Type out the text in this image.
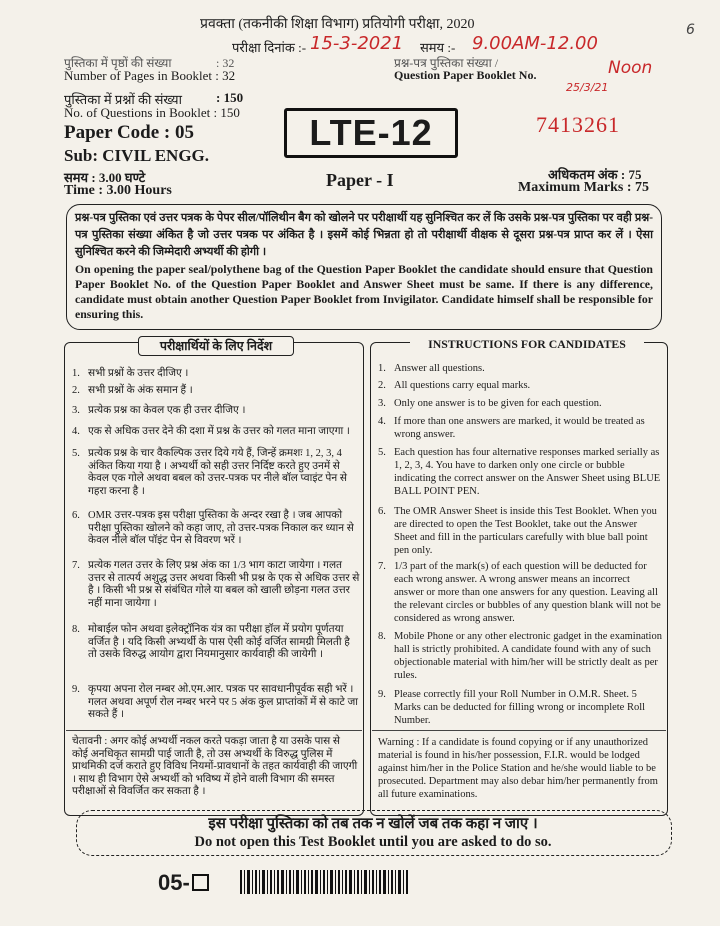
6
प्रवक्ता (तकनीकी शिक्षा विभाग) प्रतियोगी परीक्षा, 2020
परीक्षा दिनांक :- 15-3-2021 समय :- 9.00AM-12.00
Noon
25/3/21
पुस्तिका में पृष्ठों की संख्या	: 32
Number of Pages in Booklet : 32
पुस्तिका में प्रश्नों की संख्या	: 150
No. of Questions in Booklet : 150
Paper Code : 05
Sub: CIVIL ENGG.
समय : 3.00 घण्टे
Time : 3.00 Hours
LTE-12
Paper - I
प्रश्न-पत्र पुस्तिका संख्या /
Question Paper Booklet No.
7413261
अधिकतम अंक : 75
Maximum Marks : 75
प्रश्न-पत्र पुस्तिका एवं उत्तर पत्रक के पेपर सील/पॉलिथीन बैग को खोलने पर परीक्षार्थी यह सुनिश्चित कर लें कि उसके प्रश्न-पत्र पुस्तिका पर वही प्रश्न-पत्र पुस्तिका संख्या अंकित है जो उत्तर पत्रक पर अंकित है । इसमें कोई भिन्नता हो तो परीक्षार्थी वीक्षक से दूसरा प्रश्न-पत्र प्राप्त कर लें । ऐसा सुनिश्चित करने की जिम्मेदारी अभ्यर्थी की होगी ।
On opening the paper seal/polythene bag of the Question Paper Booklet the candidate should ensure that Question Paper Booklet No. of the Question Paper Booklet and Answer Sheet must be same. If there is any difference, candidate must obtain another Question Paper Booklet from Invigilator. Candidate himself shall be responsible for ensuring this.
परीक्षार्थियों के लिए निर्देश
1. सभी प्रश्नों के उत्तर दीजिए ।
2. सभी प्रश्नों के अंक समान हैं ।
3. प्रत्येक प्रश्न का केवल एक ही उत्तर दीजिए ।
4. एक से अधिक उत्तर देने की दशा में प्रश्न के उत्तर को गलत माना जाएगा ।
5. प्रत्येक प्रश्न के चार वैकल्पिक उत्तर दिये गये हैं, जिन्हें क्रमशः 1, 2, 3, 4 अंकित किया गया है । अभ्यर्थी को सही उत्तर निर्दिष्ट करते हुए उनमें से केवल एक गोले अथवा बबल को उत्तर-पत्रक पर नीले बॉल प्वाइंट पेन से गहरा करना है ।
6. OMR उत्तर-पत्रक इस परीक्षा पुस्तिका के अन्दर रखा है । जब आपको परीक्षा पुस्तिका खोलने को कहा जाए, तो उत्तर-पत्रक निकाल कर ध्यान से केवल नीले बॉल पॉइंट पेन से विवरण भरें ।
7. प्रत्येक गलत उत्तर के लिए प्रश्न अंक का 1/3 भाग काटा जायेगा । गलत उत्तर से तात्पर्य अशुद्ध उत्तर अथवा किसी भी प्रश्न के एक से अधिक उत्तर से है । किसी भी प्रश्न से संबंधित गोले या बबल को खाली छोड़ना गलत उत्तर नहीं माना जायेगा ।
8. मोबाईल फोन अथवा इलेक्ट्रॉनिक यंत्र का परीक्षा हॉल में प्रयोग पूर्णतया वर्जित है । यदि किसी अभ्यर्थी के पास ऐसी कोई वर्जित सामग्री मिलती है तो उसके विरुद्ध आयोग द्वारा नियमानुसार कार्यवाही की जायेगी ।
9. कृपया अपना रोल नम्बर ओ.एम.आर. पत्रक पर सावधानीपूर्वक सही भरें । गलत अथवा अपूर्ण रोल नम्बर भरने पर 5 अंक कुल प्राप्तांकों में से काटे जा सकते हैं ।
चेतावनी : अगर कोई अभ्यर्थी नकल करते पकड़ा जाता है या उसके पास से कोई अनधिकृत सामग्री पाई जाती है, तो उस अभ्यर्थी के विरुद्ध पुलिस में प्राथमिकी दर्ज कराते हुए विविध नियमों-प्रावधानों के तहत कार्यवाही की जाएगी । साथ ही विभाग ऐसे अभ्यर्थी को भविष्य में होने वाली विभाग की समस्त परीक्षाओं से विवर्जित कर सकता है ।
INSTRUCTIONS FOR CANDIDATES
1. Answer all questions.
2. All questions carry equal marks.
3. Only one answer is to be given for each question.
4. If more than one answers are marked, it would be treated as wrong answer.
5. Each question has four alternative responses marked serially as 1, 2, 3, 4. You have to darken only one circle or bubble indicating the correct answer on the Answer Sheet using BLUE BALL POINT PEN.
6. The OMR Answer Sheet is inside this Test Booklet. When you are directed to open the Test Booklet, take out the Answer Sheet and fill in the particulars carefully with blue ball point pen only.
7. 1/3 part of the mark(s) of each question will be deducted for each wrong answer. A wrong answer means an incorrect answer or more than one answers for any question. Leaving all the relevant circles or bubbles of any question blank will not be considered as wrong answer.
8. Mobile Phone or any other electronic gadget in the examination hall is strictly prohibited. A candidate found with any of such objectionable material with him/her will be strictly dealt as per rules.
9. Please correctly fill your Roll Number in O.M.R. Sheet. 5 Marks can be deducted for filling wrong or incomplete Roll Number.
Warning : If a candidate is found copying or if any unauthorized material is found in his/her possession, F.I.R. would be lodged against him/her in the Police Station and he/she would liable to be prosecuted. Department may also debar him/her permanently from all future examinations.
इस परीक्षा पुस्तिका को तब तक न खोलें जब तक कहा न जाए ।
Do not open this Test Booklet until you are asked to do so.
05-
